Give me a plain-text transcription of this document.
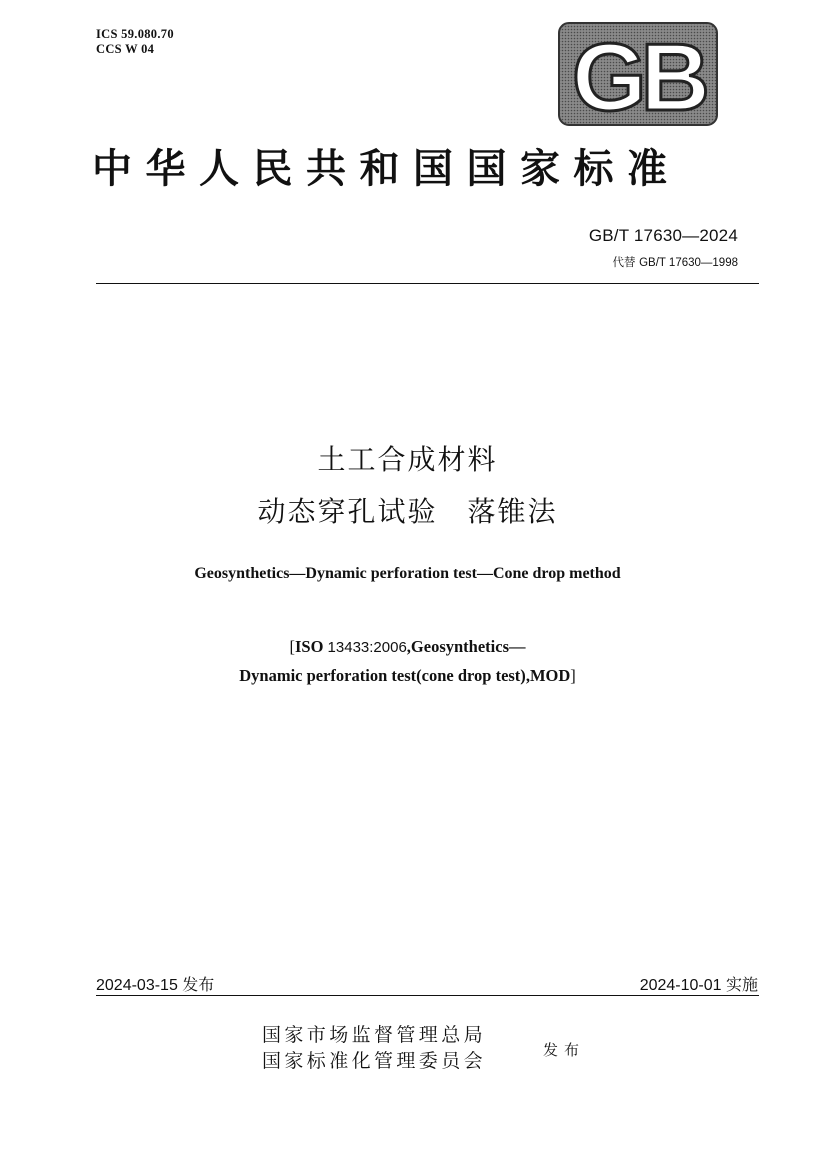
ICS 59.080.70
CCS W 04	GB
中华人民共和国国家标准
GB/T 17630—2024
代替 GB/T 17630—1998
土工合成材料
动态穿孔试验　落锥法
Geosynthetics—Dynamic perforation test—Cone drop method
[ISO 13433:2006,Geosynthetics—
Dynamic perforation test(cone drop test),MOD]
2024-03-15 发布	2024-10-01 实施
国家市场监督管理总局
国家标准化管理委员会	发布
